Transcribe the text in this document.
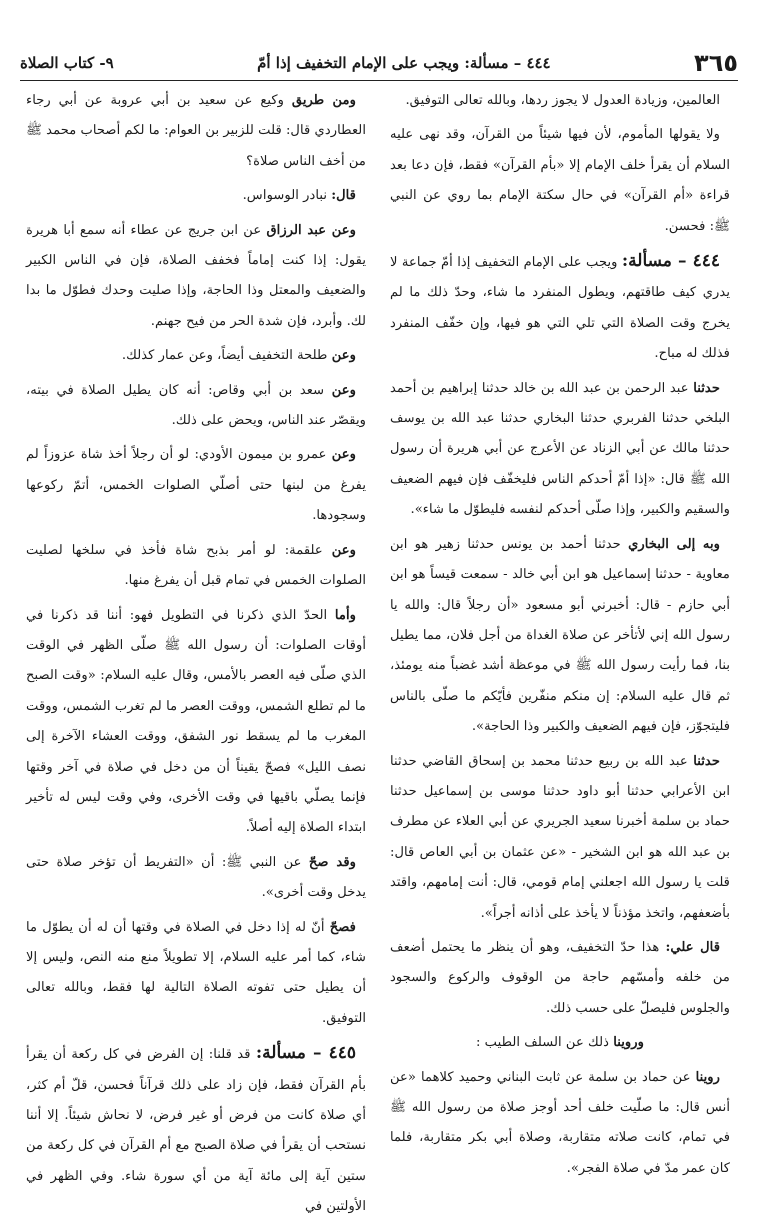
٣٦٥
٤٤٤ – مسألة: ويجب على الإمام التخفيف إذا أمّ
٩- كتاب الصلاة

العالمين، وزيادة العدول لا يجوز ردها، وبالله تعالى التوفيق.

ولا يقولها المأموم، لأن فيها شيئاً من القرآن، وقد نهى عليه السلام أن يقرأ خلف الإمام إلا «بأم القرآن» فقط، فإن دعا بعد قراءة «أم القرآن» في حال سكتة الإمام بما روي عن النبي ﷺ: فحسن.

٤٤٤ – مسألة: ويجب على الإمام التخفيف إذا أمّ جماعة لا يدري كيف طاقتهم، ويطول المنفرد ما شاء، وحدّ ذلك ما لم يخرج وقت الصلاة التي تلي التي هو فيها، وإن خفّف المنفرد فذلك له مباح.

حدثنا عبد الرحمن بن عبد الله بن خالد حدثنا إبراهيم بن أحمد البلخي حدثنا الفربري حدثنا البخاري حدثنا عبد الله بن يوسف حدثنا مالك عن أبي الزناد عن الأعرج عن أبي هريرة أن رسول الله ﷺ قال: «إذا أمّ أحدكم الناس فليخفّف فإن فيهم الضعيف والسقيم والكبير، وإذا صلّى أحدكم لنفسه فليطوّل ما شاء».

وبه إلى البخاري حدثنا أحمد بن يونس حدثنا زهير هو ابن معاوية - حدثنا إسماعيل هو ابن أبي خالد - سمعت قيساً هو ابن أبي حازم - قال: أخبرني أبو مسعود «أن رجلاً قال: والله يا رسول الله إني لأتأخر عن صلاة الغداة من أجل فلان، مما يطيل بنا، فما رأيت رسول الله ﷺ في موعظة أشد غضباً منه يومئذ، ثم قال عليه السلام: إن منكم منفّرين فأيّكم ما صلّى بالناس فليتجوّز، فإن فيهم الضعيف والكبير وذا الحاجة».

حدثنا عبد الله بن ربيع حدثنا محمد بن إسحاق القاضي حدثنا ابن الأعرابي حدثنا أبو داود حدثنا موسى بن إسماعيل حدثنا حماد بن سلمة أخبرنا سعيد الجريري عن أبي العلاء عن مطرف بن عبد الله هو ابن الشخير - «عن عثمان بن أبي العاص قال: قلت يا رسول الله اجعلني إمام قومي، قال: أنت إمامهم، واقتد بأضعفهم، واتخذ مؤذناً لا يأخذ على أذانه أجراً».

قال علي: هذا حدّ التخفيف، وهو أن ينظر ما يحتمل أضعف من خلفه وأمسّهم حاجة من الوقوف والركوع والسجود والجلوس فليصلّ على حسب ذلك.

وروينا ذلك عن السلف الطيب :

روينا عن حماد بن سلمة عن ثابت البناني وحميد كلاهما «عن أنس قال: ما صلّيت خلف أحد أوجز صلاة من رسول الله ﷺ في تمام، كانت صلاته متقاربة، وصلاة أبي بكر متقاربة، فلما كان عمر مدّ في صلاة الفجر».

ومن طريق وكيع عن سعيد بن أبي عروبة عن أبي رجاء العطاردي قال: قلت للزبير بن العوام: ما لكم أصحاب محمد ﷺ من أخف الناس صلاة؟

قال: نبادر الوسواس.

وعن عبد الرزاق عن ابن جريج عن عطاء أنه سمع أبا هريرة يقول: إذا كنت إماماً فخفف الصلاة، فإن في الناس الكبير والضعيف والمعتل وذا الحاجة، وإذا صليت وحدك فطوّل ما بدا لك. وأبرد، فإن شدة الحر من فيح جهنم.

وعن طلحة التخفيف أيضاً، وعن عمار كذلك.

وعن سعد بن أبي وقاص: أنه كان يطيل الصلاة في بيته، ويقصّر عند الناس، ويحض على ذلك.

وعن عمرو بن ميمون الأودي: لو أن رجلاً أخذ شاة عزوزاً لم يفرغ من لبنها حتى أصلّي الصلوات الخمس، أتمّ ركوعها وسجودها.

وعن علقمة: لو أمر بذبح شاة فأخذ في سلخها لصليت الصلوات الخمس في تمام قبل أن يفرغ منها.

وأما الحدّ الذي ذكرنا في التطويل فهو: أننا قد ذكرنا في أوقات الصلوات: أن رسول الله ﷺ صلّى الظهر في الوقت الذي صلّى فيه العصر بالأمس، وقال عليه السلام: «وقت الصبح ما لم تطلع الشمس، ووقت العصر ما لم تغرب الشمس، ووقت المغرب ما لم يسقط نور الشفق، ووقت العشاء الآخرة إلى نصف الليل» فصحّ يقيناً أن من دخل في صلاة في آخر وقتها فإنما يصلّي باقيها في وقت الأخرى، وفي وقت ليس له تأخير ابتداء الصلاة إليه أصلاً.

وقد صحّ عن النبي ﷺ: أن «التفريط أن تؤخر صلاة حتى يدخل وقت أخرى».

فصحّ أنّ له إذا دخل في الصلاة في وقتها أن له أن يطوّل ما شاء، كما أمر عليه السلام، إلا تطويلاً منع منه النص، وليس إلا أن يطيل حتى تفوته الصلاة التالية لها فقط، وبالله تعالى التوفيق.

٤٤٥ – مسألة: قد قلنا: إن الفرض في كل ركعة أن يقرأ بأم القرآن فقط، فإن زاد على ذلك قرآناً فحسن، قلّ أم كثر، أي صلاة كانت من فرض أو غير فرض، لا نحاش شيئاً. إلا أننا نستحب أن يقرأ في صلاة الصبح مع أم القرآن في كل ركعة من ستين آية إلى مائة آية من أي سورة شاء. وفي الظهر في الأولتين في
